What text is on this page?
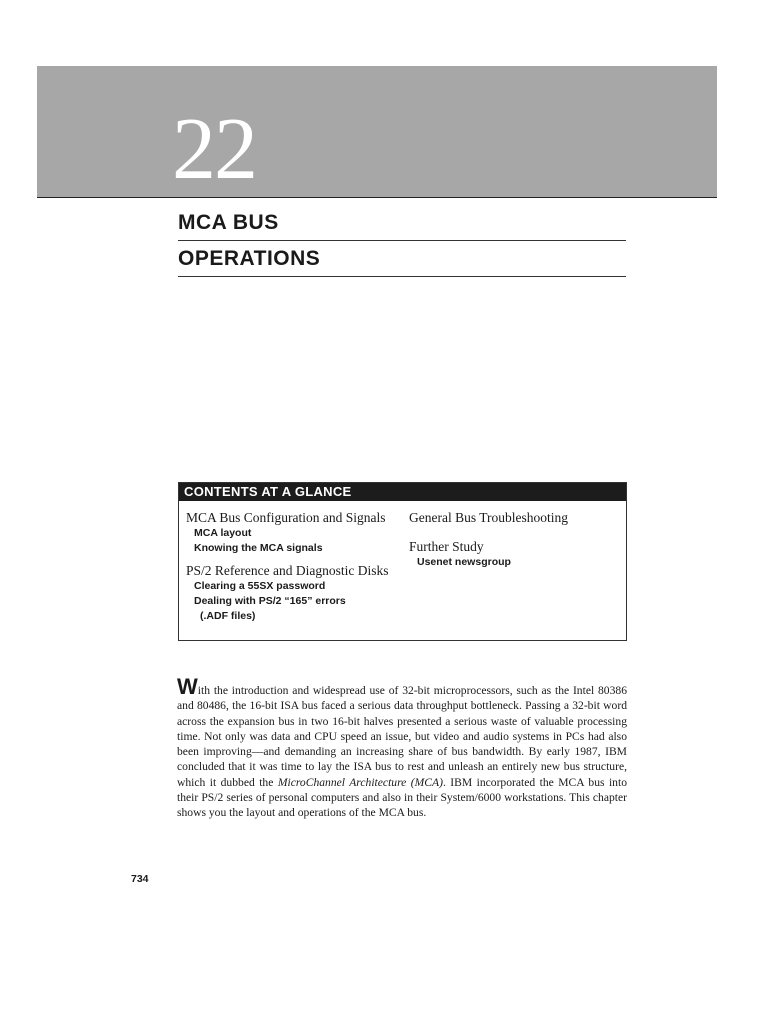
22
MCA BUS
OPERATIONS
CONTENTS AT A GLANCE
MCA Bus Configuration and Signals
MCA layout
Knowing the MCA signals
PS/2 Reference and Diagnostic Disks
Clearing a 55SX password
Dealing with PS/2 “165” errors
(.ADF files)
General Bus Troubleshooting
Further Study
Usenet newsgroup
With the introduction and widespread use of 32-bit microprocessors, such as the Intel 80386 and 80486, the 16-bit ISA bus faced a serious data throughput bottleneck. Passing a 32-bit word across the expansion bus in two 16-bit halves presented a serious waste of valuable processing time. Not only was data and CPU speed an issue, but video and audio systems in PCs had also been improving—and demanding an increasing share of bus bandwidth. By early 1987, IBM concluded that it was time to lay the ISA bus to rest and unleash an entirely new bus structure, which it dubbed the MicroChannel Architecture (MCA). IBM incorporated the MCA bus into their PS/2 series of personal computers and also in their System/6000 workstations. This chapter shows you the layout and operations of the MCA bus.
734
